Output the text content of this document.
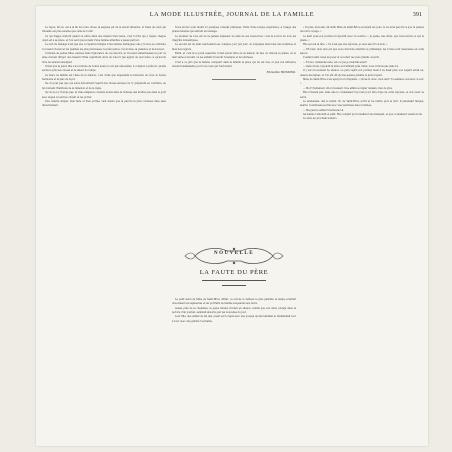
LA MODE ILLUSTRÉE, JOURNAL DE LA FAMILLE	391

Le repos, dit-on, est à la fin de toute chose; la sagesse est de le savoir attendre, et l'âme de celui qui travaille est plus sereine que celle de l'oisif.

Ce qui frappe d'abord quand on entre dans une maison bien tenue, c'est l'ordre qui y règne; chaque objet est à sa place, et l'on sent que la main d'une femme attentive a passé partout.

Le soin du ménage n'est pas une occupation indigne d'une femme distinguée; elle y trouve au contraire l'occasion d'exercer les qualités les plus précieuses: la prévoyance, l'économie, la patience et la douceur.

Combien de jeunes filles, élevées dans l'ignorance de ces devoirs, se trouvent embarrassées le jour où elles doivent diriger une maison! Elles regrettent alors de n'avoir pas appris de leur mère ce qu'aucun livre ne saurait enseigner.

Il faut que la jeune fille s'accoutume de bonne heure à voir par elle-même, à compter, à prévoir; qu'elle sache le prix des choses et la valeur du temps.

La mère de famille est l'âme de la maison; c'est d'elle que dépendent le bien-être de tous, la bonne harmonie et la paix du foyer.

Ne croyons pas que ces soins détournent l'esprit des choses élevées; ils l'y préparent au contraire, en lui donnant l'habitude de la réflexion et de la règle.

Qu'on ne s'y trompe pas: la vraie élégance consiste moins dans la richesse des étoffes que dans le goût avec lequel on sait les choisir et les porter.

Une toilette simple, bien faite et bien portée, vaut mieux que la parure la plus coûteuse mise sans discernement.

Nous avons voulu réunir ici quelques conseils pratiques, fruits d'une longue expérience, à l'usage des jeunes femmes qui entrent en ménage.

Le premier de tous est de ne jamais dépenser au delà de ses ressources; c'est la source de tous les chagrins domestiques.

Le second est de tenir exactement ses comptes, jour par jour; on s'épargne ainsi bien des surprises et bien des regrets.

Enfin, et c'est là le point essentiel, il faut savoir faire de sa maison un lieu où chacun se plaise, où le mari aime à revenir, où les enfants trouvent l'exemple et la tendresse.

C'est à ce prix que la femme conquiert dans la famille la place qui lui est due, et que son influence devient bienfaisante pour tous ceux qui l'entourent.

Emmeline RAYMOND.
NOUVELLE
LA FAUTE DU PÈRE

Le petit salon de Mme de Saint-Brice offrait, ce soir-là, le tableau le plus paisible; la lampe éclairait doucement les tapisseries et les portraits de famille suspendus aux murs.

Assise près de la cheminée, la jeune femme brodait en silence, tandis que son mari, plongé dans la lecture d'un journal, semblait absorbé par les nouvelles du jour.

Leur fille, une enfant de dix ans, jouait sur le tapis avec une poupée qu'elle habillait et déshabillait tour à tour, avec une gravité touchante.

« Voyons, mon ami, dit enfin Mme de Saint-Brice en levant les yeux, tu ne m'as pas dit ce que tu penses de notre voyage. »

Le mari posa son journal et répondit avec un sourire: « Je pense, ma chère, que nous ferons ce qui te plaira. »

Elle secoua la tête. « Ce n'est pas une réponse; je veux savoir ton avis. »

— Eh bien, mon avis est que nous devrions attendre le printemps; les routes sont mauvaises en cette saison.

L'enfant avait cessé de jouer et écoutait, les yeux grands ouverts.

— Et moi, demanda-t-elle, est-ce que je viendrai aussi?

— Sans doute, répondit la mère en l'attirant près d'elle; nous n'irions pas sans toi.

Il y eut un moment de silence. Le père reprit son journal, mais il ne lisait plus; son regard errait au-dessus des lignes, et l'on eût dit qu'une pensée pénible le préoccupait.

Mme de Saint-Brice s'en aperçut et s'inquiéta. « Qu'as-tu donc, mon ami? Tu sembles soucieux ce soir. »

— Moi? Nullement, dit-il vivement. Une affaire à régler demain, rien de plus.

Elle n'insista pas; mais elle le connaissait trop bien pour être dupe de cette réponse, et son cœur se serra.

Le lendemain, dès le matin, M. de Saint-Brice sortit et ne rentra qu'à la nuit. Il paraissait fatigué, abattu; il embrassa sa fille avec une tendresse inaccoutumée.

— Ma pauvre enfant! murmura-t-il.

Sa femme l'entendit et pâlit. Elle comprit qu'un malheur les menaçait, et que ce malheur venait de lui.

La suite au prochain numéro.
